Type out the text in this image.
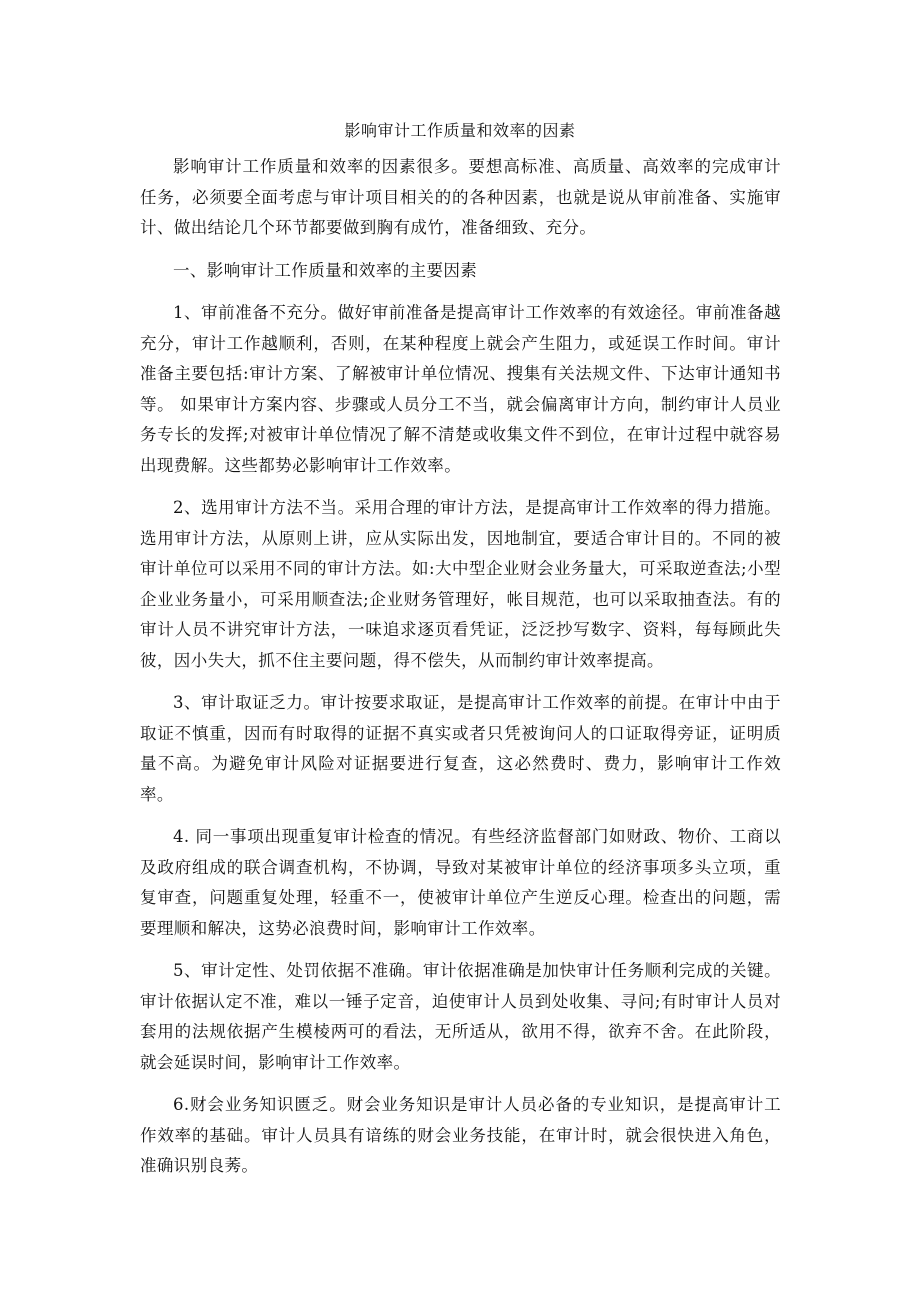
影响审计工作质量和效率的因素

影响审计工作质量和效率的因素很多。要想高标准、高质量、高效率的完成审计任务，必须要全面考虑与审计项目相关的的各种因素，也就是说从审前准备、实施审计、做出结论几个环节都要做到胸有成竹，准备细致、充分。

一、影响审计工作质量和效率的主要因素

1、审前准备不充分。做好审前准备是提高审计工作效率的有效途径。审前准备越充分，审计工作越顺利，否则，在某种程度上就会产生阻力，或延误工作时间。审计准备主要包括:审计方案、了解被审计单位情况、搜集有关法规文件、下达审计通知书等。 如果审计方案内容、步骤或人员分工不当，就会偏离审计方向，制约审计人员业务专长的发挥;对被审计单位情况了解不清楚或收集文件不到位，在审计过程中就容易出现费解。这些都势必影响审计工作效率。

2、选用审计方法不当。采用合理的审计方法，是提高审计工作效率的得力措施。选用审计方法，从原则上讲，应从实际出发，因地制宜，要适合审计目的。不同的被审计单位可以采用不同的审计方法。如:大中型企业财会业务量大，可采取逆查法;小型企业业务量小，可采用顺查法;企业财务管理好，帐目规范，也可以采取抽查法。有的审计人员不讲究审计方法，一味追求逐页看凭证，泛泛抄写数字、资料，每每顾此失彼，因小失大，抓不住主要问题，得不偿失，从而制约审计效率提高。

3、审计取证乏力。审计按要求取证，是提高审计工作效率的前提。在审计中由于取证不慎重，因而有时取得的证据不真实或者只凭被询问人的口证取得旁证，证明质量不高。为避免审计风险对证据要进行复查，这必然费时、费力，影响审计工作效率。

4. 同一事项出现重复审计检查的情况。有些经济监督部门如财政、物价、工商以及政府组成的联合调查机构，不协调，导致对某被审计单位的经济事项多头立项，重复审查，问题重复处理，轻重不一，使被审计单位产生逆反心理。检查出的问题，需要理顺和解决，这势必浪费时间，影响审计工作效率。

5、审计定性、处罚依据不准确。审计依据准确是加快审计任务顺利完成的关键。审计依据认定不准，难以一锤子定音，迫使审计人员到处收集、寻问;有时审计人员对套用的法规依据产生模棱两可的看法，无所适从，欲用不得，欲弃不舍。在此阶段，就会延误时间，影响审计工作效率。

6.财会业务知识匮乏。财会业务知识是审计人员必备的专业知识，是提高审计工作效率的基础。审计人员具有谙练的财会业务技能，在审计时，就会很快进入角色，准确识别良莠。
